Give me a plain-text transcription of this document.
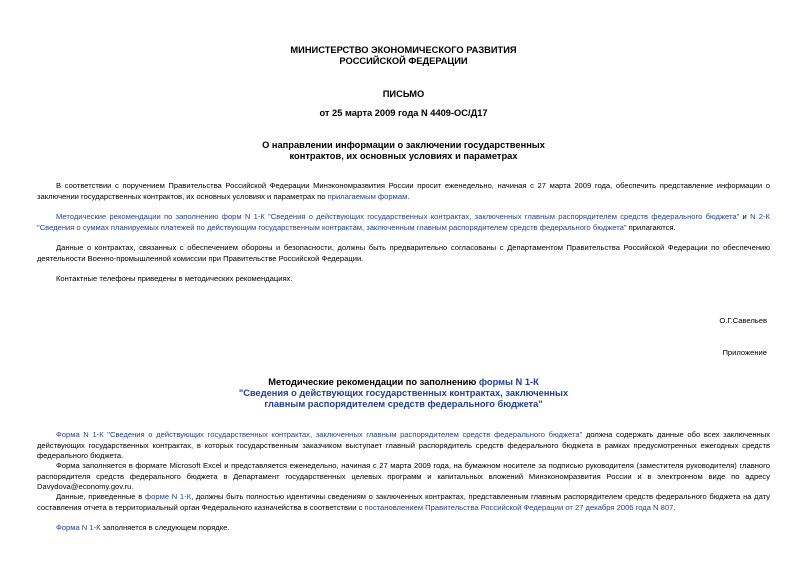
МИНИСТЕРСТВО ЭКОНОМИЧЕСКОГО РАЗВИТИЯ
РОССИЙСКОЙ ФЕДЕРАЦИИ
ПИСЬМО
от 25 марта 2009 года N 4409-ОС/Д17
О направлении информации о заключении государственных
контрактов, их основных условиях и параметрах

В соответствии с поручением Правительства Российской Федерации Минэкономразвития России просит еженедельно, начиная с 27 марта 2009 года, обеспечить представление информации о заключении государственных контрактов, их основных условиях и параметрах по прилагаемым формам.

Методические рекомендации по заполнению форм N 1-К "Сведения о действующих государственных контрактах, заключенных главным распорядителем средств федерального бюджета" и N 2-К "Сведения о суммах планируемых платежей по действующим государственным контрактам, заключенным главным распорядителем средств федерального бюджета" прилагаются.

Данные о контрактах, связанных с обеспечением обороны и безопасности, должны быть предварительно согласованы с Департаментом Правительства Российской Федерации по обеспечению деятельности Военно-промышленной комиссии при Правительстве Российской Федерации.

Контактные телефоны приведены в методических рекомендациях.

О.Г.Савельев
Приложение
Методические рекомендации по заполнению формы N 1-К
"Сведения о действующих государственных контрактах, заключенных
главным распорядителем средств федерального бюджета"

Форма N 1-К "Сведения о действующих государственных контрактах, заключенных главным распорядителем средств федерального бюджета" должна содержать данные обо всех заключенных действующих государственных контрактах, в которых государственным заказчиком выступает главный распорядитель средств федерального бюджета в рамках предусмотренных ежегодных средств федерального бюджета.

Форма заполняется в формате Microsoft Excel и представляется еженедельно, начиная с 27 марта 2009 года, на бумажном носителе за подписью руководителя (заместителя руководителя) главного распорядителя средств федерального бюджета в Департамент государственных целевых программ и капитальных вложений Минэкономразвития России и в электронном виде по адресу Davydova@economy.gov.ru.

Данные, приведенные в форме N 1-К, должны быть полностью идентичны сведениям о заключенных контрактах, представленным главным распорядителем средств федерального бюджета на дату составления отчета в территориальный орган Федерального казначейства в соответствии с постановлением Правительства Российской Федерации от 27 декабря 2006 года N 807.

Форма N 1-К заполняется в следующем порядке.
